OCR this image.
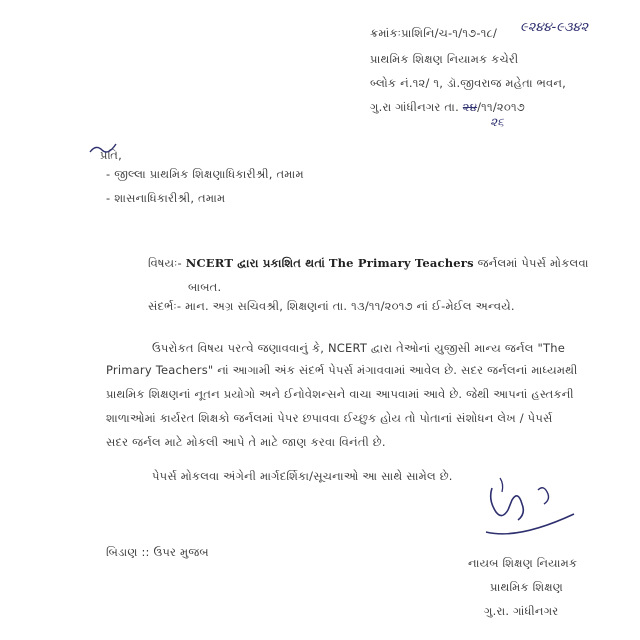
ક્રમાંકઃપ્રાશિનિ/ચ-૧/૧૭-૧૮/ ૯૨૪૪-૯૩૪૨
પ્રાથમિક શિક્ષણ નિયામક કચેરી
બ્લોક નં.૧૨/ ૧, ડૉ.જીવરાજ મહેતા ભવન,
ગુ.રા ગાંધીનગર તા. ૨૪/૧૧/૨૦૧૭
૨૬
પ્રતિ,
- જીલ્લા પ્રાથમિક શિક્ષણાધિકારીશ્રી, તમામ
- શાસનાધિકારીશ્રી, તમામ
વિષયઃ- NCERT દ્વારા પ્રકાશિત થતાં The Primary Teachers જર્નલમાં પેપર્સ મોકલવા
બાબત.
સંદર્ભઃ- માન. અગ્ર સચિવશ્રી, શિક્ષણનાં તા. ૧૩/૧૧/૨૦૧૭ નાં ઈ-મેઈલ અન્વયે.
ઉપરોકત વિષય પરત્વે જણાવવાનું કે, NCERT દ્વારા તેઓનાં યુજીસી માન્ય જર્નલ "The
Primary Teachers" નાં આગામી અંક સંદર્ભ પેપર્સ મંગાવવામાં આવેલ છે. સદર જર્નલનાં માધ્યમથી
પ્રાથમિક શિક્ષણનાં નૂતન પ્રયોગો અને ઈનોવેશન્સને વાચા આપવામાં આવે છે. જેથી આપનાં હસ્તકની
શાળાઓમાં કાર્યરત શિક્ષકો જર્નલમાં પેપર છપાવવા ઈચ્છુક હોય તો પોતાનાં સંશોધન લેખ / પેપર્સ
સદર જર્નલ માટે મોકલી આપે તે માટે જાણ કરવા વિનંતી છે.
પેપર્સ મોકલવા અંગેની માર્ગદર્શિકા/સૂચનાઓ આ સાથે સામેલ છે.
બિડાણ :: ઉપર મુજબ
નાયબ શિક્ષણ નિયામક
પ્રાથમિક શિક્ષણ
ગુ.રા. ગાંધીનગર
